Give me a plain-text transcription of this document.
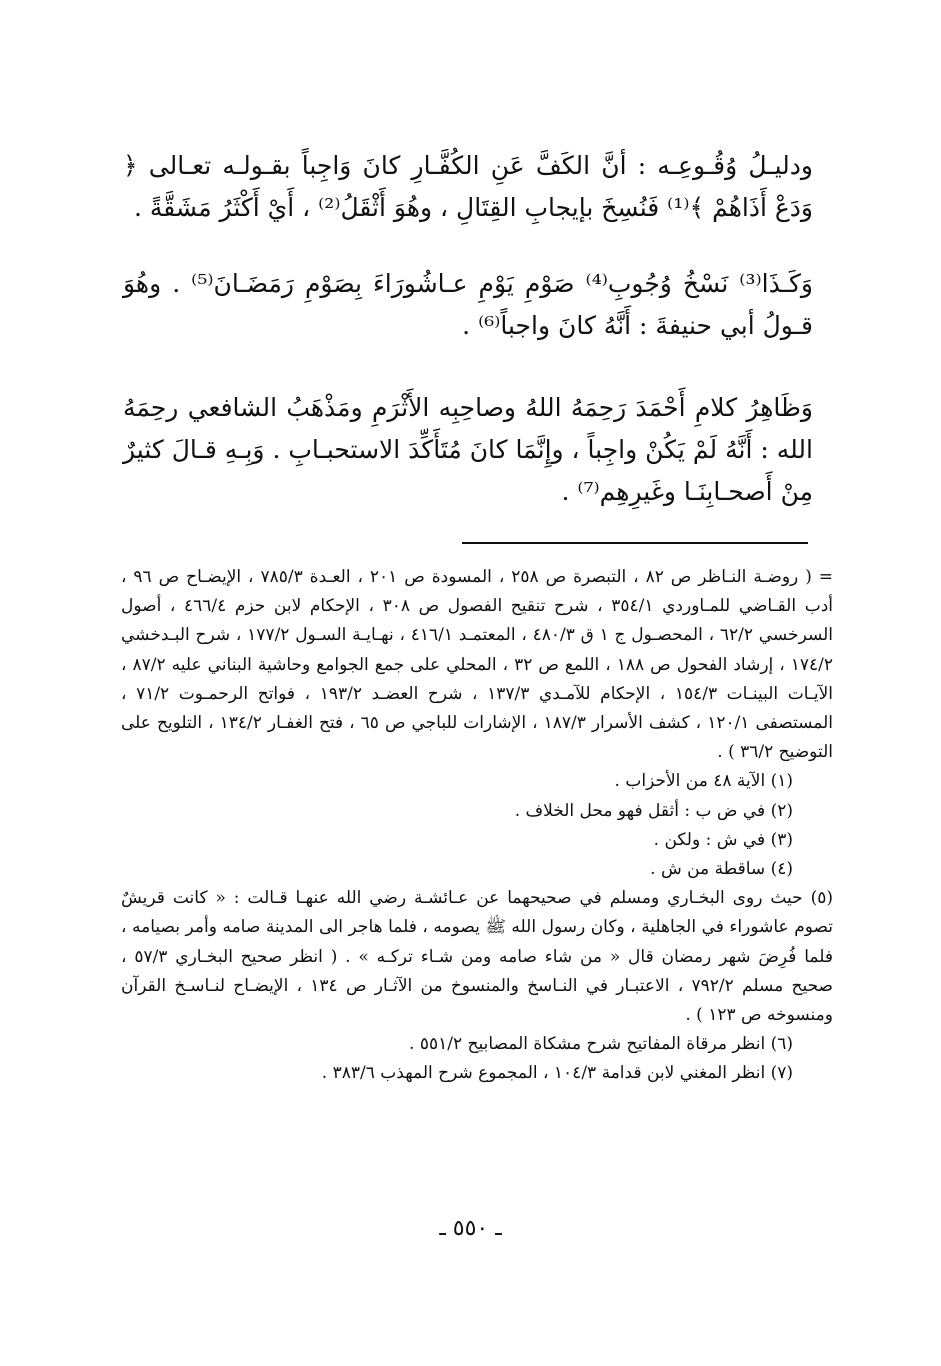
ودليـلُ وُقُـوعِـه : أنَّ الكَفَّ عَنِ الكُفَّـارِ كانَ وَاجِباً بقـولـه تعـالى ﴿ وَدَعْ أَذَاهُمْ ﴾⁽¹⁾ فَنُسِخَ بإيجابِ القِتَالِ ، وهُوَ أَثْقَلُ⁽²⁾ ، أَيْ أَكْثَرُ مَشَقَّةً .

وَكَـذَا⁽³⁾ نَسْخُ وُجُوبِ⁽⁴⁾ صَوْمِ يَوْمِ عـاشُورَاءَ بِصَوْمِ رَمَضَـانَ⁽⁵⁾ . وهُوَ قـولُ أبي حنيفةَ : أَنَّهُ كانَ واجباً⁽⁶⁾ .

وَظَاهِرُ كلامِ أَحْمَدَ رَحِمَهُ اللهُ وصاحِبِه الأَثْرَمِ ومَذْهَبُ الشافعي رحِمَهُ الله : أَنَّهُ لَمْ يَكُنْ واجِباً ، وإِنَّمَا كانَ مُتَأَكِّدَ الاستحبـابِ . وَبِـهِ قـالَ كثيرٌ مِنْ أَصحـابِنَـا وغَيرِهِم⁽⁷⁾ .

= ( روضـة النـاظر ص ٨٢ ، التبصرة ص ٢٥٨ ، المسودة ص ٢٠١ ، العـدة ٧٨٥/٣ ، الإيضـاح ص ٩٦ ، أدب القـاضي للمـاوردي ٣٥٤/١ ، شرح تنقيح الفصول ص ٣٠٨ ، الإحكام لابن حزم ٤٦٦/٤ ، أصول السرخسي ٦٢/٢ ، المحصـول ج ١ ق ٤٨٠/٣ ، المعتمـد ٤١٦/١ ، نهـايـة السـول ١٧٧/٢ ، شرح البـدخشي ١٧٤/٢ ، إرشاد الفحول ص ١٨٨ ، اللمع ص ٣٢ ، المحلي على جمع الجوامع وحاشية البناني عليه ٨٧/٢ ، الآيـات البينـات ١٥٤/٣ ، الإحكام للآمـدي ١٣٧/٣ ، شرح العضـد ١٩٣/٢ ، فواتح الرحمـوت ٧١/٢ ، المستصفى ١٢٠/١ ، كشف الأسرار ١٨٧/٣ ، الإشارات للباجي ص ٦٥ ، فتح الغفـار ١٣٤/٢ ، التلويح على التوضيح ٣٦/٢ ) .

(١) الآية ٤٨ من الأحزاب .

(٢) في ض ب : أثقل فهو محل الخلاف .

(٣) في ش : ولكن .

(٤) ساقطة من ش .

(٥) حيث روى البخـاري ومسلم في صحيحهما عن عـائشـة رضي الله عنهـا قـالت : « كانت قريشٌ تصوم عاشوراء في الجاهلية ، وكان رسول الله ﷺ يصومه ، فلما هاجر الى المدينة صامه وأمر بصيامه ، فلما فُرِضَ شهر رمضان قال « من شاء صامه ومن شـاء تركـه » . ( انظر صحيح البخـاري ٥٧/٣ ، صحيح مسلم ٧٩٢/٢ ، الاعتبـار في النـاسخ والمنسوخ من الآثـار ص ١٣٤ ، الإيضـاح لنـاسـخ القرآن ومنسوخه ص ١٢٣ ) .

(٦) انظر مرقاة المفاتيح شرح مشكاة المصابيح ٥٥١/٢ .

(٧) انظر المغني لابن قدامة ١٠٤/٣ ، المجموع شرح المهذب ٣٨٣/٦ .

ـ ٥٥٠ ـ
